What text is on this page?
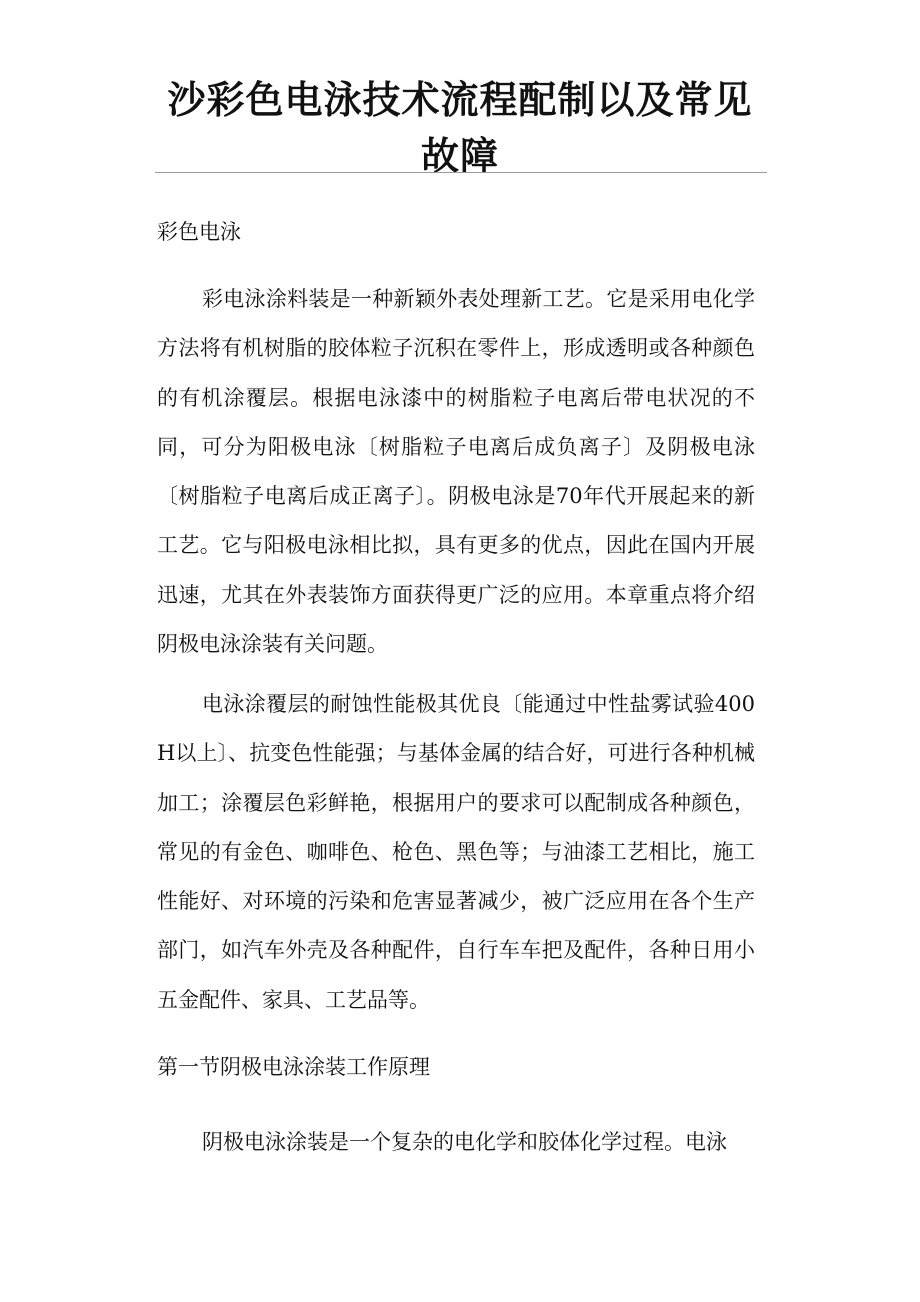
沙彩色电泳技术流程配制以及常见故障
彩色电泳

彩电泳涂料装是一种新颖外表处理新工艺。它是采用电化学方法将有机树脂的胶体粒子沉积在零件上，形成透明或各种颜色的有机涂覆层。根据电泳漆中的树脂粒子电离后带电状况的不同，可分为阳极电泳〔树脂粒子电离后成负离子〕及阴极电泳〔树脂粒子电离后成正离子〕。阴极电泳是70年代开展起来的新工艺。它与阳极电泳相比拟，具有更多的优点，因此在国内开展迅速，尤其在外表装饰方面获得更广泛的应用。本章重点将介绍阴极电泳涂装有关问题。

电泳涂覆层的耐蚀性能极其优良〔能通过中性盐雾试验400H以上〕、抗变色性能强；与基体金属的结合好，可进行各种机械加工；涂覆层色彩鲜艳，根据用户的要求可以配制成各种颜色，常见的有金色、咖啡色、枪色、黑色等；与油漆工艺相比，施工性能好、对环境的污染和危害显著减少，被广泛应用在各个生产部门，如汽车外壳及各种配件，自行车车把及配件，各种日用小五金配件、家具、工艺品等。

第一节阴极电泳涂装工作原理

阴极电泳涂装是一个复杂的电化学和胶体化学过程。电泳
